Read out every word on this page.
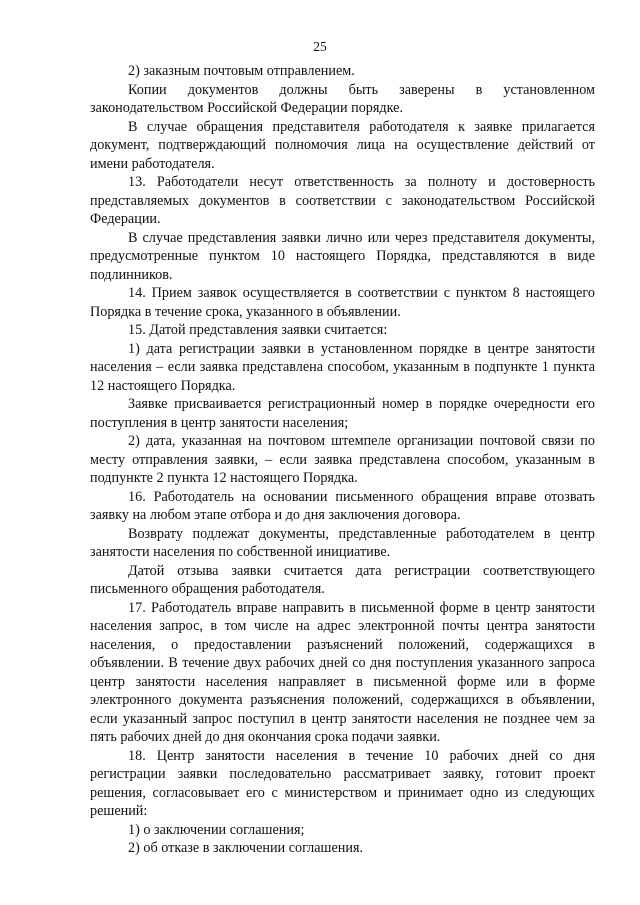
25

2) заказным почтовым отправлением.

Копии документов должны быть заверены в установленном законодательством Российской Федерации порядке.

В случае обращения представителя работодателя к заявке прилагается документ, подтверждающий полномочия лица на осуществление действий от имени работодателя.

13. Работодатели несут ответственность за полноту и достоверность представляемых документов в соответствии с законодательством Российской Федерации.

В случае представления заявки лично или через представителя документы, предусмотренные пунктом 10 настоящего Порядка, представляются в виде подлинников.

14. Прием заявок осуществляется в соответствии с пунктом 8 настоящего Порядка в течение срока, указанного в объявлении.

15. Датой представления заявки считается:

1) дата регистрации заявки в установленном порядке в центре занятости населения – если заявка представлена способом, указанным в подпункте 1 пункта 12 настоящего Порядка.

Заявке присваивается регистрационный номер в порядке очередности его поступления в центр занятости населения;

2) дата, указанная на почтовом штемпеле организации почтовой связи по месту отправления заявки, – если заявка представлена способом, указанным в подпункте 2 пункта 12 настоящего Порядка.

16. Работодатель на основании письменного обращения вправе отозвать заявку на любом этапе отбора и до дня заключения договора.

Возврату подлежат документы, представленные работодателем в центр занятости населения по собственной инициативе.

Датой отзыва заявки считается дата регистрации соответствующего письменного обращения работодателя.

17. Работодатель вправе направить в письменной форме в центр занятости населения запрос, в том числе на адрес электронной почты центра занятости населения, о предоставлении разъяснений положений, содержащихся в объявлении. В течение двух рабочих дней со дня поступления указанного запроса центр занятости населения направляет в письменной форме или в форме электронного документа разъяснения положений, содержащихся в объявлении, если указанный запрос поступил в центр занятости населения не позднее чем за пять рабочих дней до дня окончания срока подачи заявки.

18. Центр занятости населения в течение 10 рабочих дней со дня регистрации заявки последовательно рассматривает заявку, готовит проект решения, согласовывает его с министерством и принимает одно из следующих решений:

1) о заключении соглашения;

2) об отказе в заключении соглашения.
